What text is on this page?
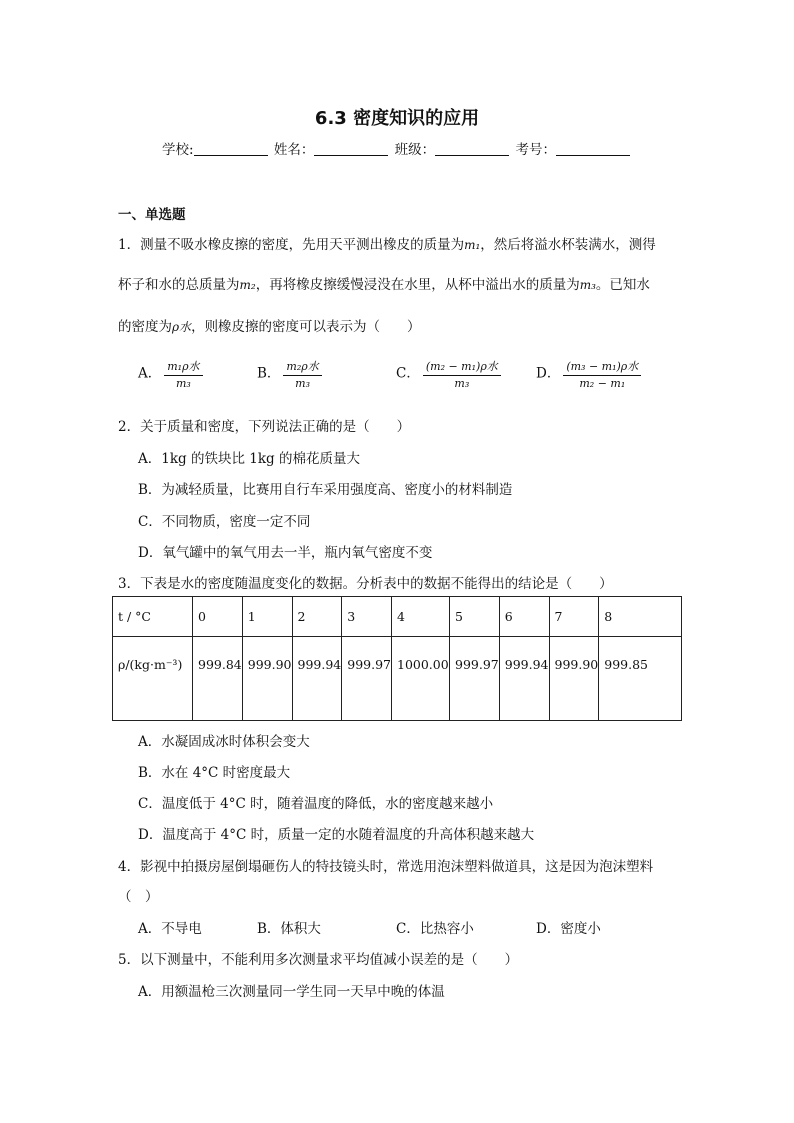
6.3 密度知识的应用
学校:	姓名：	班级：	考号：
一、单选题
1．测量不吸水橡皮擦的密度，先用天平测出橡皮的质量为m₁，然后将溢水杯装满水，测得
杯子和水的总质量为m₂，再将橡皮擦缓慢浸没在水里，从杯中溢出水的质量为m₃。已知水
的密度为ρ水，则橡皮擦的密度可以表示为（　　）
A． $\frac{\text{m₁ρ水}}{\text{m₃}}$	B． $\frac{\text{m₂ρ水}}{\text{m₃}}$	C． $\frac{\text{(m₂ − m₁)ρ水}}{\text{m₃}}$	D． $\frac{\text{(m₃ − m₁)ρ水}}{\text{m₂ − m₁}}$
2．关于质量和密度，下列说法正确的是（　　）
A．1kg 的铁块比 1kg 的棉花质量大
B．为减轻质量，比赛用自行车采用强度高、密度小的材料制造
C．不同物质，密度一定不同
D．氧气罐中的氧气用去一半，瓶内氧气密度不变
3．下表是水的密度随温度变化的数据。分析表中的数据不能得出的结论是（　　）
t / °C	0	1	2	3	4	5	6	7	8
ρ/(kg·m⁻³)	999.84	999.90	999.94	999.97	1000.00	999.97	999.94	999.90	999.85
A．水凝固成冰时体积会变大
B．水在 4°C 时密度最大
C．温度低于 4°C 时，随着温度的降低，水的密度越来越小
D．温度高于 4°C 时，质量一定的水随着温度的升高体积越来越大
4．影视中拍摄房屋倒塌砸伤人的特技镜头时，常选用泡沫塑料做道具，这是因为泡沫塑料
（　）
A．不导电	B．体积大	C．比热容小	D．密度小
5．以下测量中，不能利用多次测量求平均值减小误差的是（　　）
A．用额温枪三次测量同一学生同一天早中晚的体温
